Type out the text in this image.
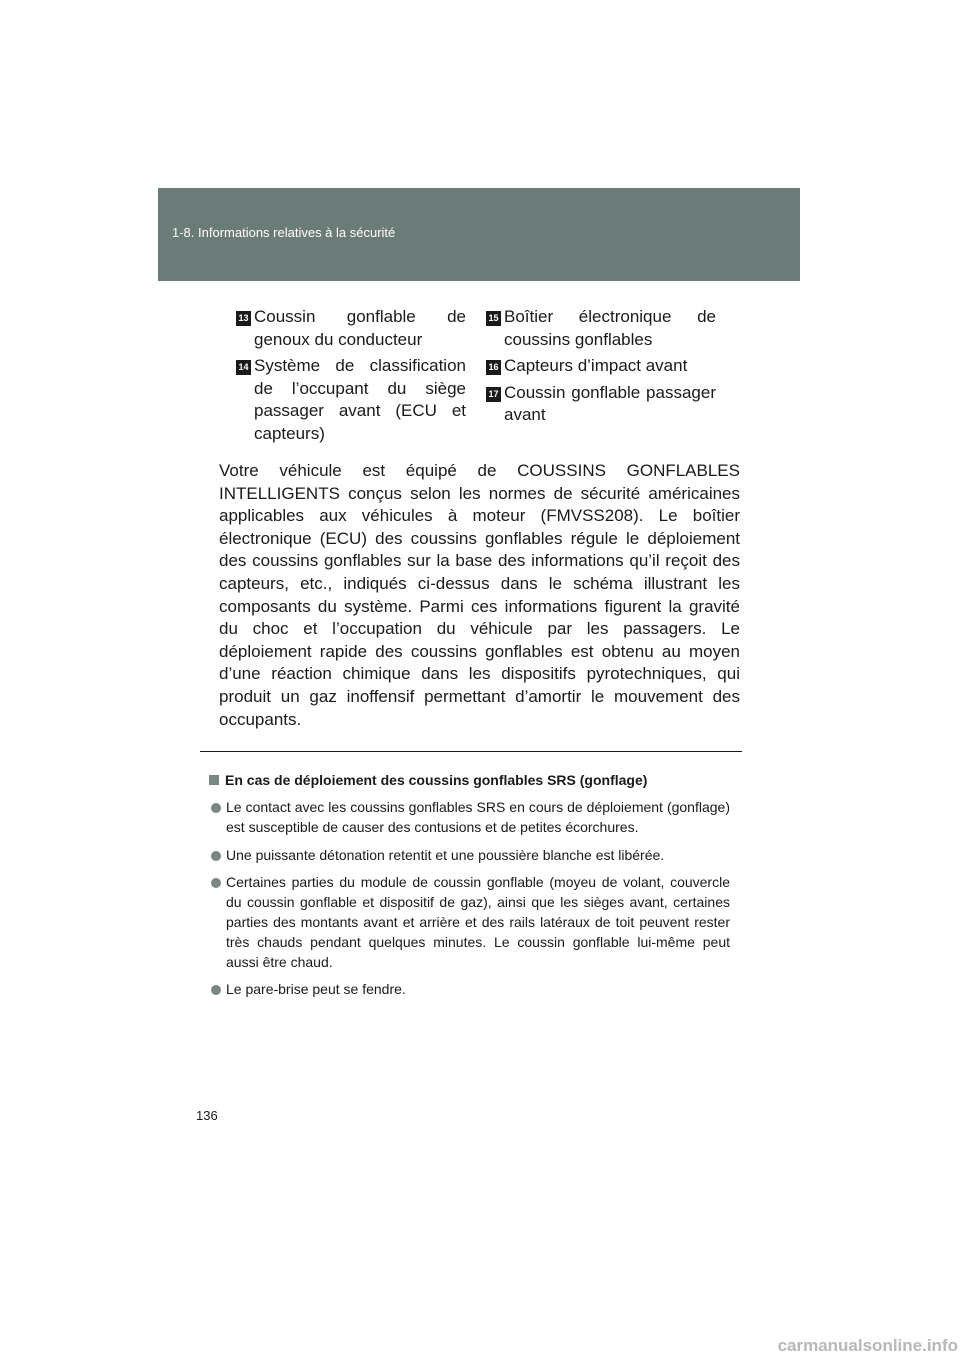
1-8. Informations relatives à la sécurité
13 Coussin gonflable de genoux du conducteur
14 Système de classification de l’occupant du siège passager avant (ECU et capteurs)
15 Boîtier électronique de coussins gonflables
16 Capteurs d’impact avant
17 Coussin gonflable passager avant

Votre véhicule est équipé de COUSSINS GONFLABLES INTELLIGENTS conçus selon les normes de sécurité américaines applicables aux véhicules à moteur (FMVSS208). Le boîtier électronique (ECU) des coussins gonflables régule le déploiement des coussins gonflables sur la base des informations qu’il reçoit des capteurs, etc., indiqués ci-dessus dans le schéma illustrant les composants du système. Parmi ces informations figurent la gravité du choc et l’occupation du véhicule par les passagers. Le déploiement rapide des coussins gonflables est obtenu au moyen d’une réaction chimique dans les dispositifs pyrotechniques, qui produit un gaz inoffensif permettant d’amortir le mouvement des occupants.

En cas de déploiement des coussins gonflables SRS (gonflage)
Le contact avec les coussins gonflables SRS en cours de déploiement (gonflage) est susceptible de causer des contusions et de petites écorchures.
Une puissante détonation retentit et une poussière blanche est libérée.
Certaines parties du module de coussin gonflable (moyeu de volant, couvercle du coussin gonflable et dispositif de gaz), ainsi que les sièges avant, certaines parties des montants avant et arrière et des rails latéraux de toit peuvent rester très chauds pendant quelques minutes. Le coussin gonflable lui-même peut aussi être chaud.
Le pare-brise peut se fendre.
136
carmanualsonline.info
